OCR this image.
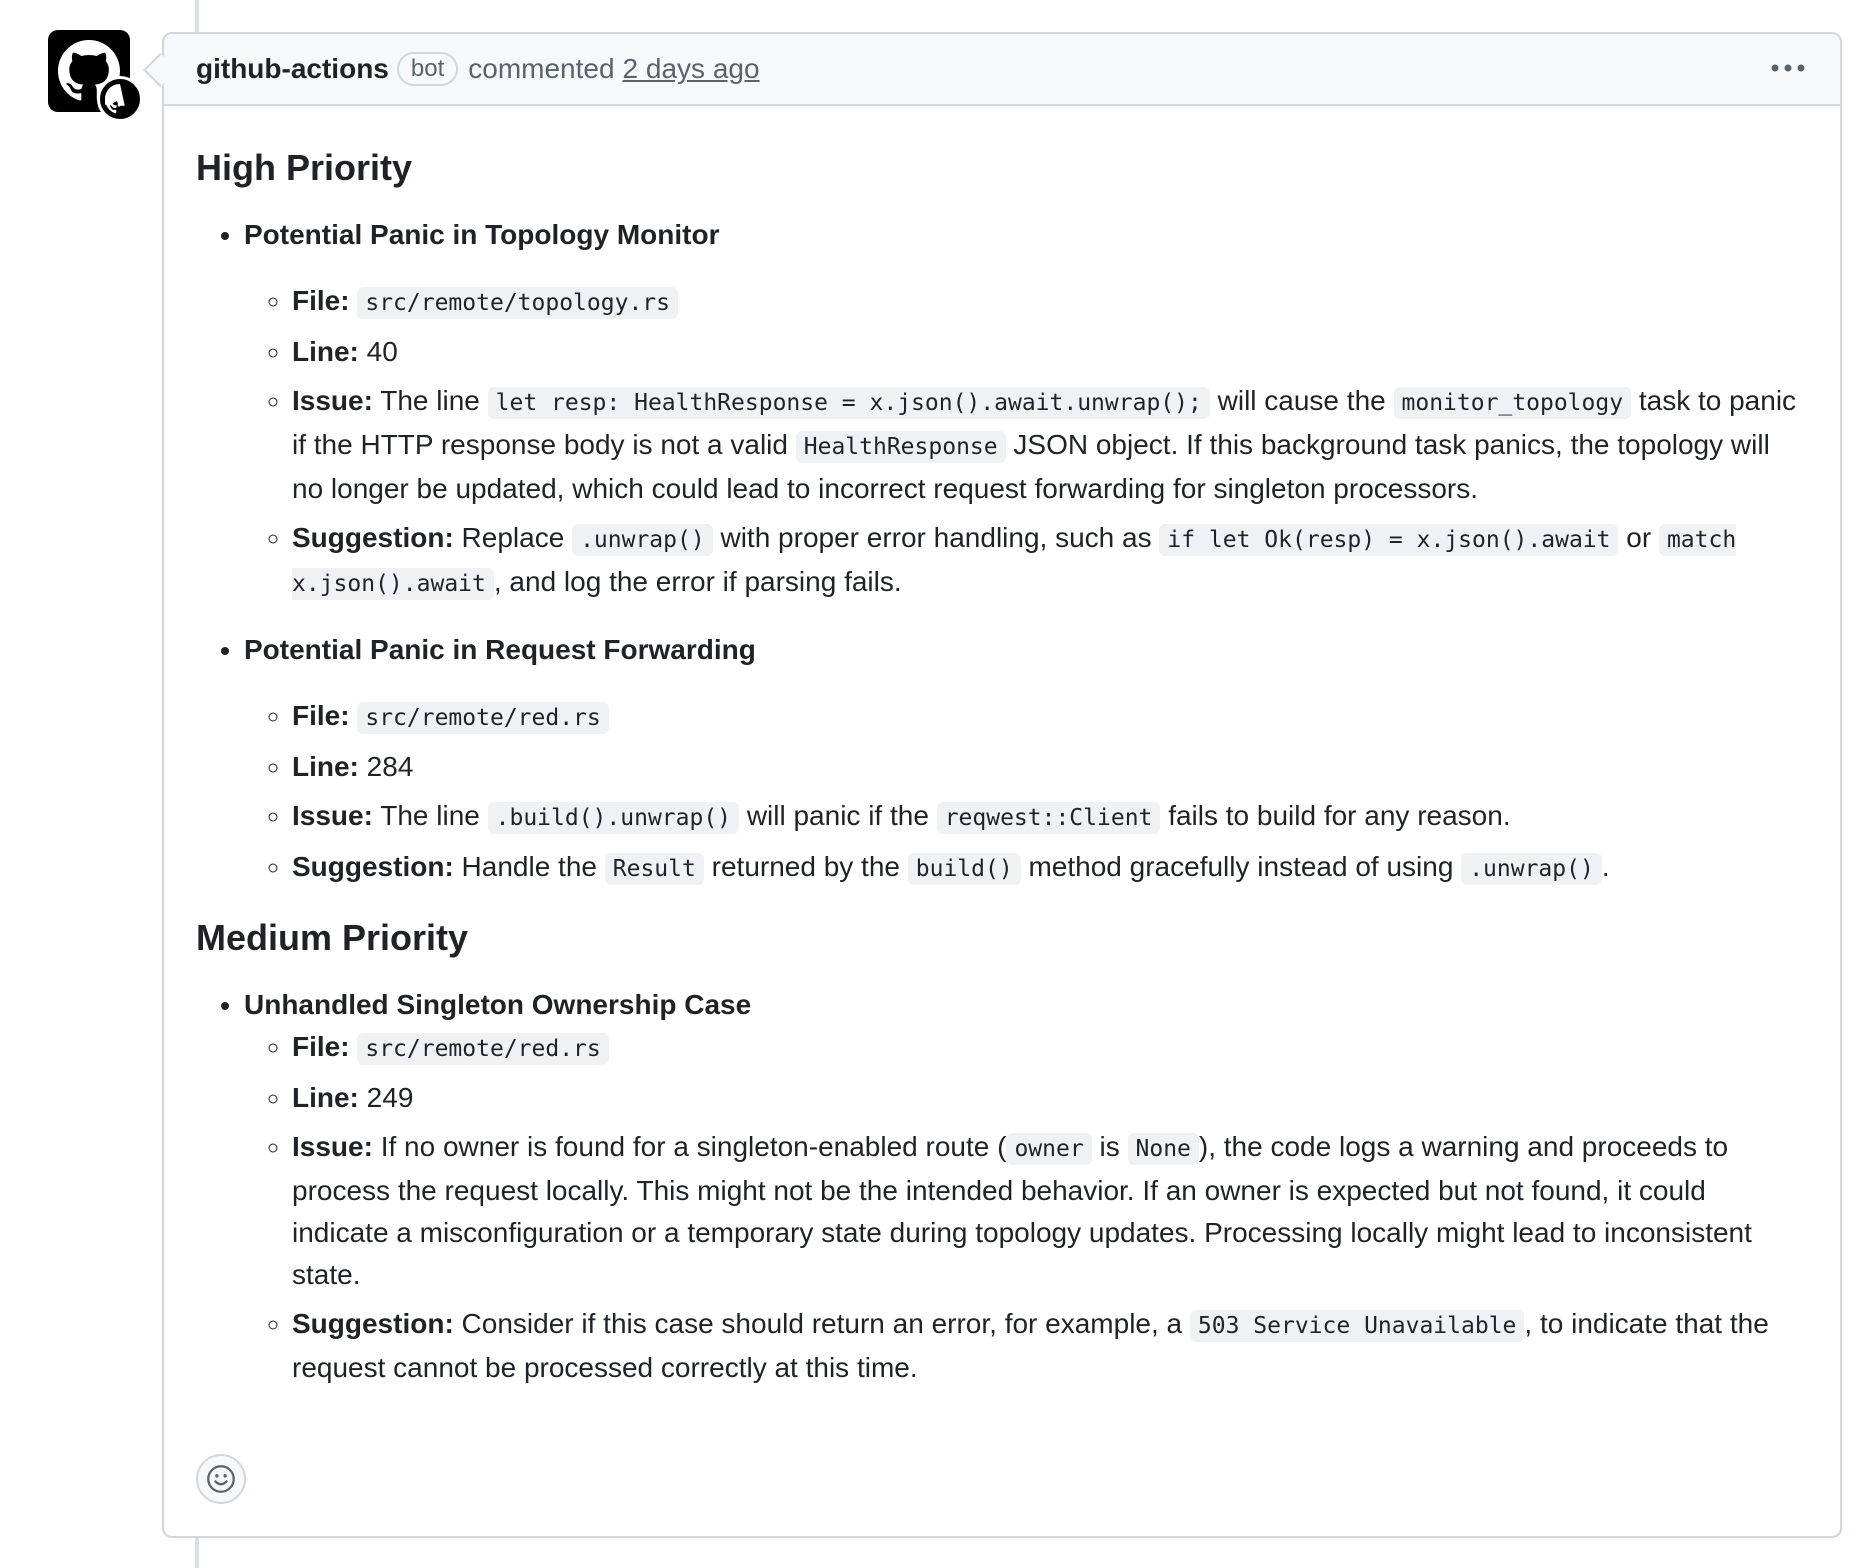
github-actions bot commented 2 days ago
High Priority
• Potential Panic in Topology Monitor
◦ File: src/remote/topology.rs
◦ Line: 40
◦ Issue: The line let resp: HealthResponse = x.json().await.unwrap(); will cause the monitor_topology task to panic if the HTTP response body is not a valid HealthResponse JSON object. If this background task panics, the topology will no longer be updated, which could lead to incorrect request forwarding for singleton processors.
◦ Suggestion: Replace .unwrap() with proper error handling, such as if let Ok(resp) = x.json().await or match x.json().await , and log the error if parsing fails.
• Potential Panic in Request Forwarding
◦ File: src/remote/red.rs
◦ Line: 284
◦ Issue: The line .build().unwrap() will panic if the reqwest::Client fails to build for any reason.
◦ Suggestion: Handle the Result returned by the build() method gracefully instead of using .unwrap() .
Medium Priority
• Unhandled Singleton Ownership Case
◦ File: src/remote/red.rs
◦ Line: 249
◦ Issue: If no owner is found for a singleton-enabled route ( owner is None ), the code logs a warning and proceeds to process the request locally. This might not be the intended behavior. If an owner is expected but not found, it could indicate a misconfiguration or a temporary state during topology updates. Processing locally might lead to inconsistent state.
◦ Suggestion: Consider if this case should return an error, for example, a 503 Service Unavailable , to indicate that the request cannot be processed correctly at this time.
